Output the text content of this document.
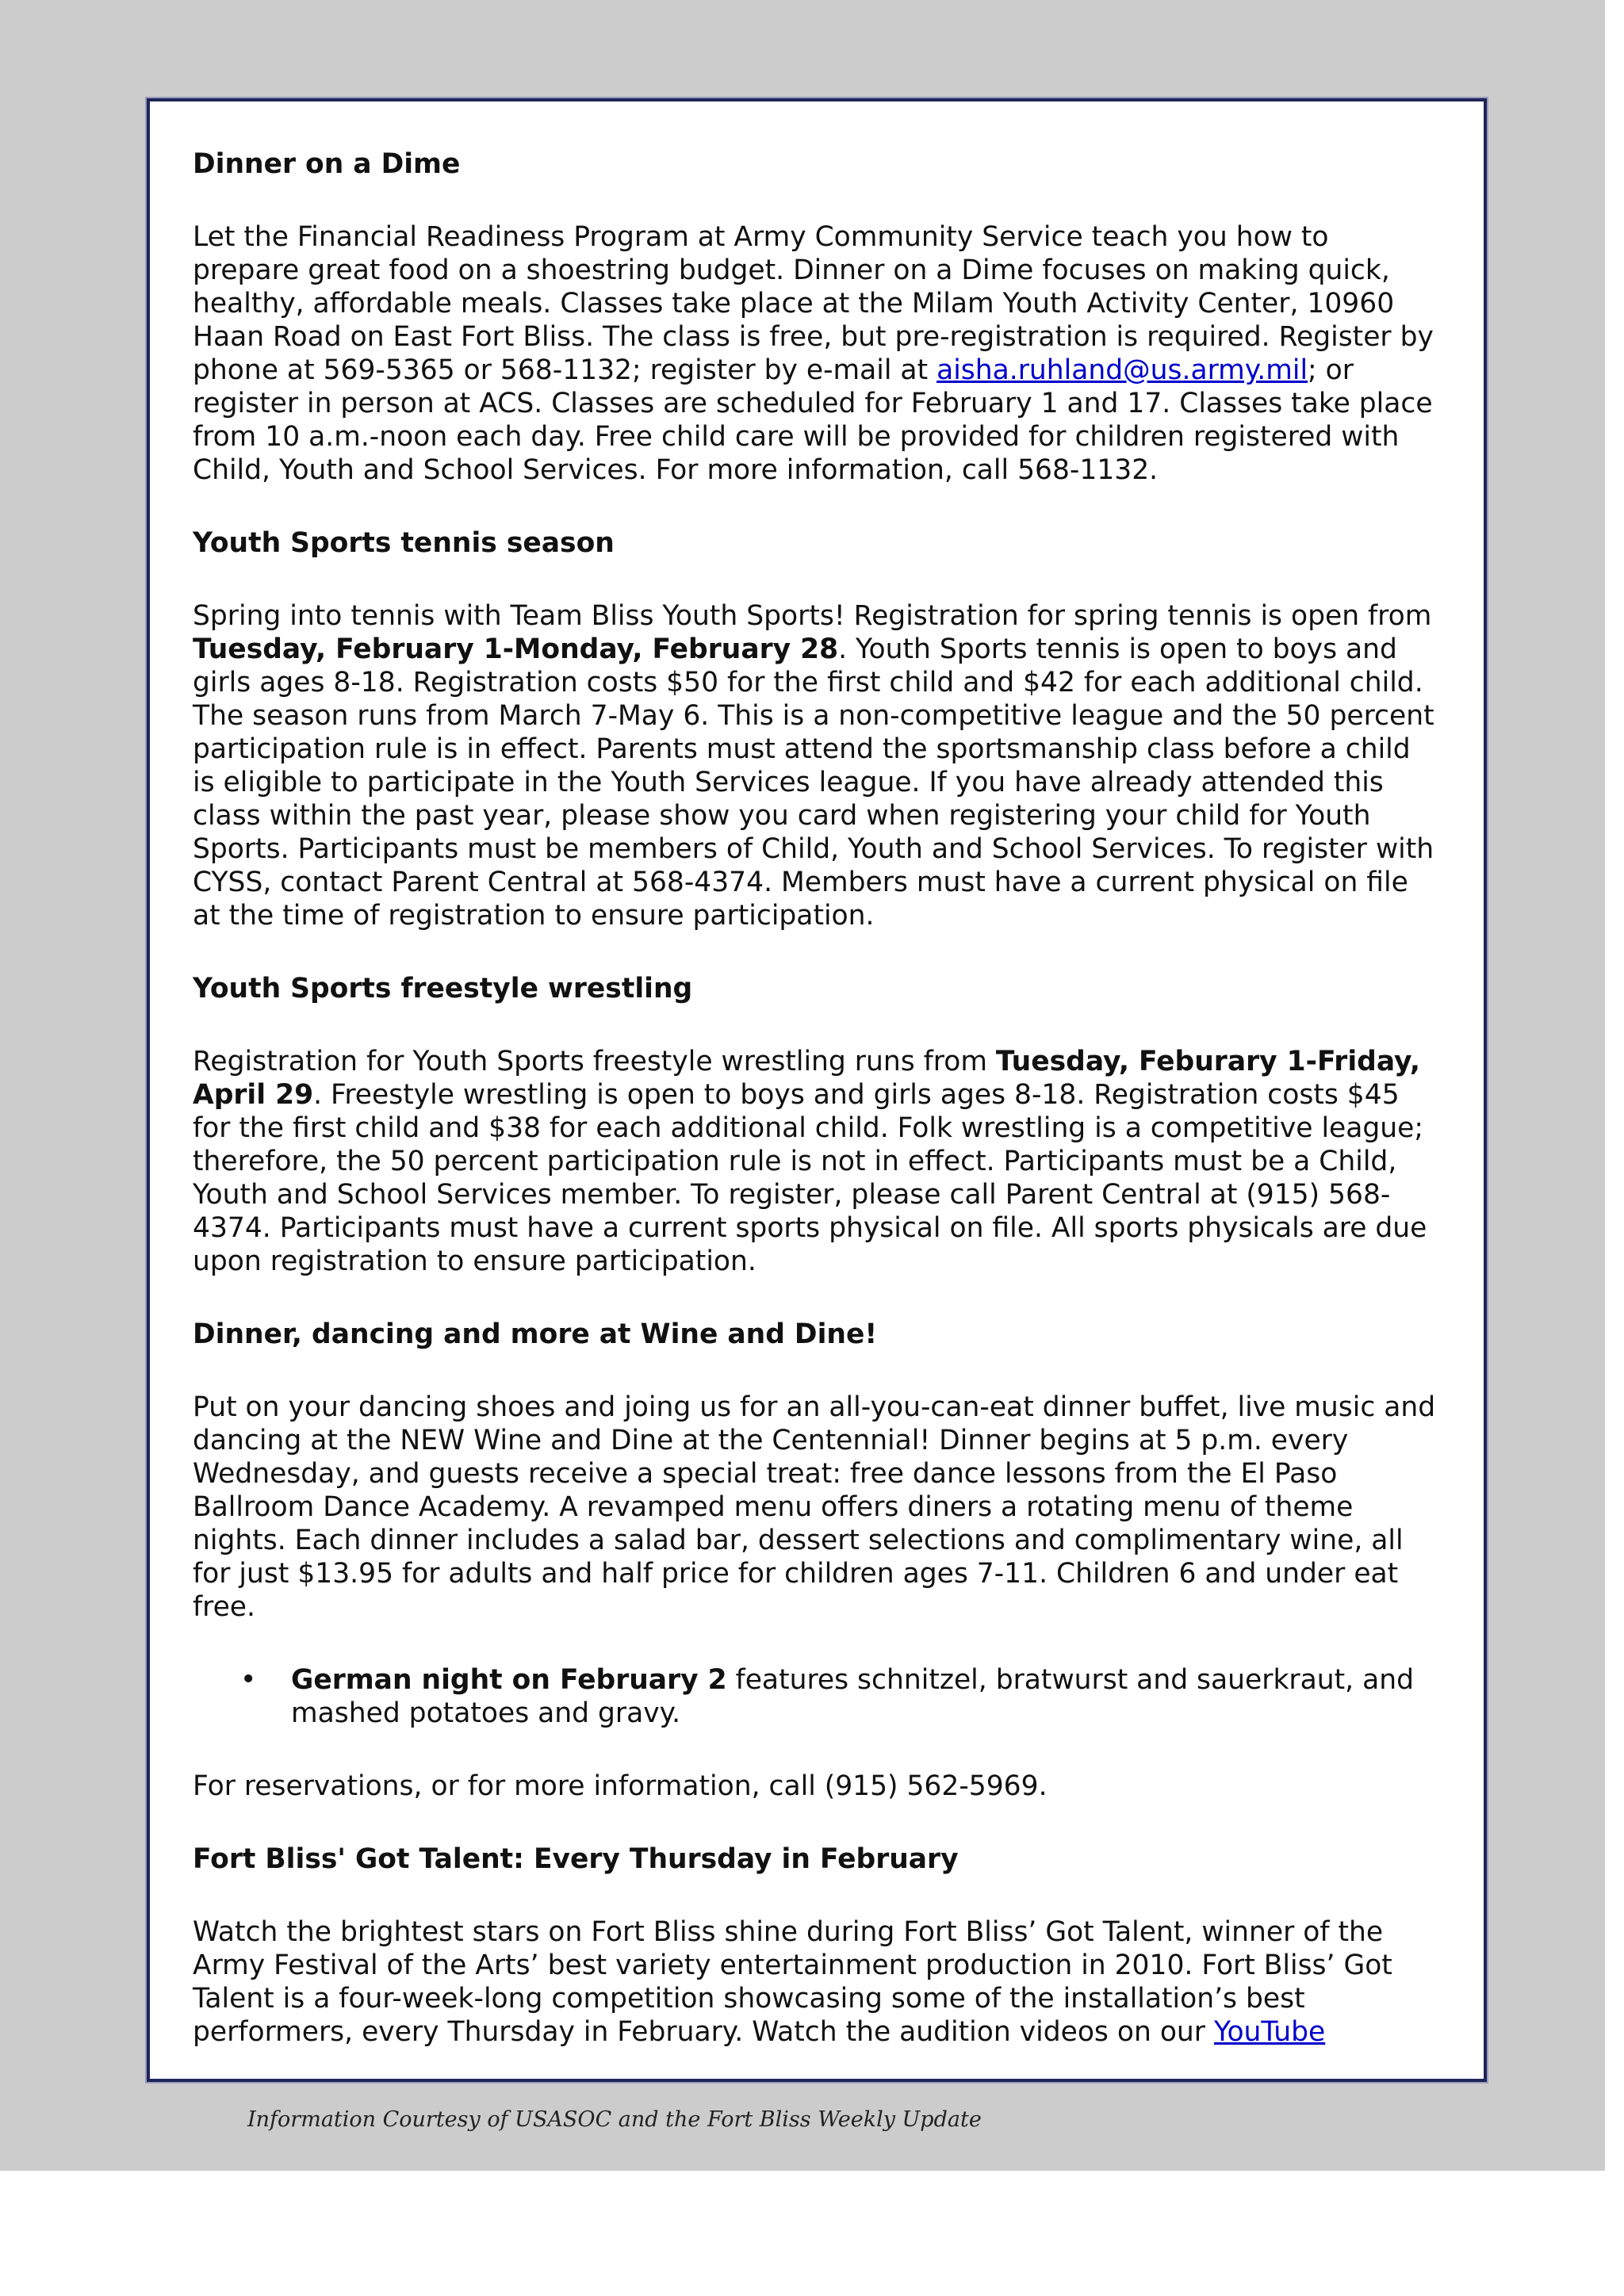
Dinner on a Dime

Let the Financial Readiness Program at Army Community Service teach you how to prepare great food on a shoestring budget. Dinner on a Dime focuses on making quick, healthy, affordable meals. Classes take place at the Milam Youth Activity Center, 10960 Haan Road on East Fort Bliss. The class is free, but pre-registration is required. Register by phone at 569-5365 or 568-1132; register by e-mail at aisha.ruhland@us.army.mil; or register in person at ACS. Classes are scheduled for February 1 and 17. Classes take place from 10 a.m.-noon each day. Free child care will be provided for children registered with Child, Youth and School Services. For more information, call 568-1132.

Youth Sports tennis season

Spring into tennis with Team Bliss Youth Sports! Registration for spring tennis is open from Tuesday, February 1-Monday, February 28. Youth Sports tennis is open to boys and girls ages 8-18. Registration costs $50 for the first child and $42 for each additional child. The season runs from March 7-May 6. This is a non-competitive league and the 50 percent participation rule is in effect. Parents must attend the sportsmanship class before a child is eligible to participate in the Youth Services league. If you have already attended this class within the past year, please show you card when registering your child for Youth Sports. Participants must be members of Child, Youth and School Services. To register with CYSS, contact Parent Central at 568-4374. Members must have a current physical on file at the time of registration to ensure participation.

Youth Sports freestyle wrestling

Registration for Youth Sports freestyle wrestling runs from Tuesday, Feburary 1-Friday, April 29. Freestyle wrestling is open to boys and girls ages 8-18. Registration costs $45 for the first child and $38 for each additional child. Folk wrestling is a competitive league; therefore, the 50 percent participation rule is not in effect. Participants must be a Child, Youth and School Services member. To register, please call Parent Central at (915) 568-4374. Participants must have a current sports physical on file. All sports physicals are due upon registration to ensure participation.

Dinner, dancing and more at Wine and Dine!

Put on your dancing shoes and joing us for an all-you-can-eat dinner buffet, live music and dancing at the NEW Wine and Dine at the Centennial! Dinner begins at 5 p.m. every Wednesday, and guests receive a special treat: free dance lessons from the El Paso Ballroom Dance Academy. A revamped menu offers diners a rotating menu of theme nights. Each dinner includes a salad bar, dessert selections and complimentary wine, all for just $13.95 for adults and half price for children ages 7-11. Children 6 and under eat free.

• German night on February 2 features schnitzel, bratwurst and sauerkraut, and mashed potatoes and gravy.

For reservations, or for more information, call (915) 562-5969.

Fort Bliss' Got Talent: Every Thursday in February

Watch the brightest stars on Fort Bliss shine during Fort Bliss’ Got Talent, winner of the Army Festival of the Arts’ best variety entertainment production in 2010. Fort Bliss’ Got Talent is a four-week-long competition showcasing some of the installation’s best performers, every Thursday in February. Watch the audition videos on our YouTube

Information Courtesy of USASOC and the Fort Bliss Weekly Update
